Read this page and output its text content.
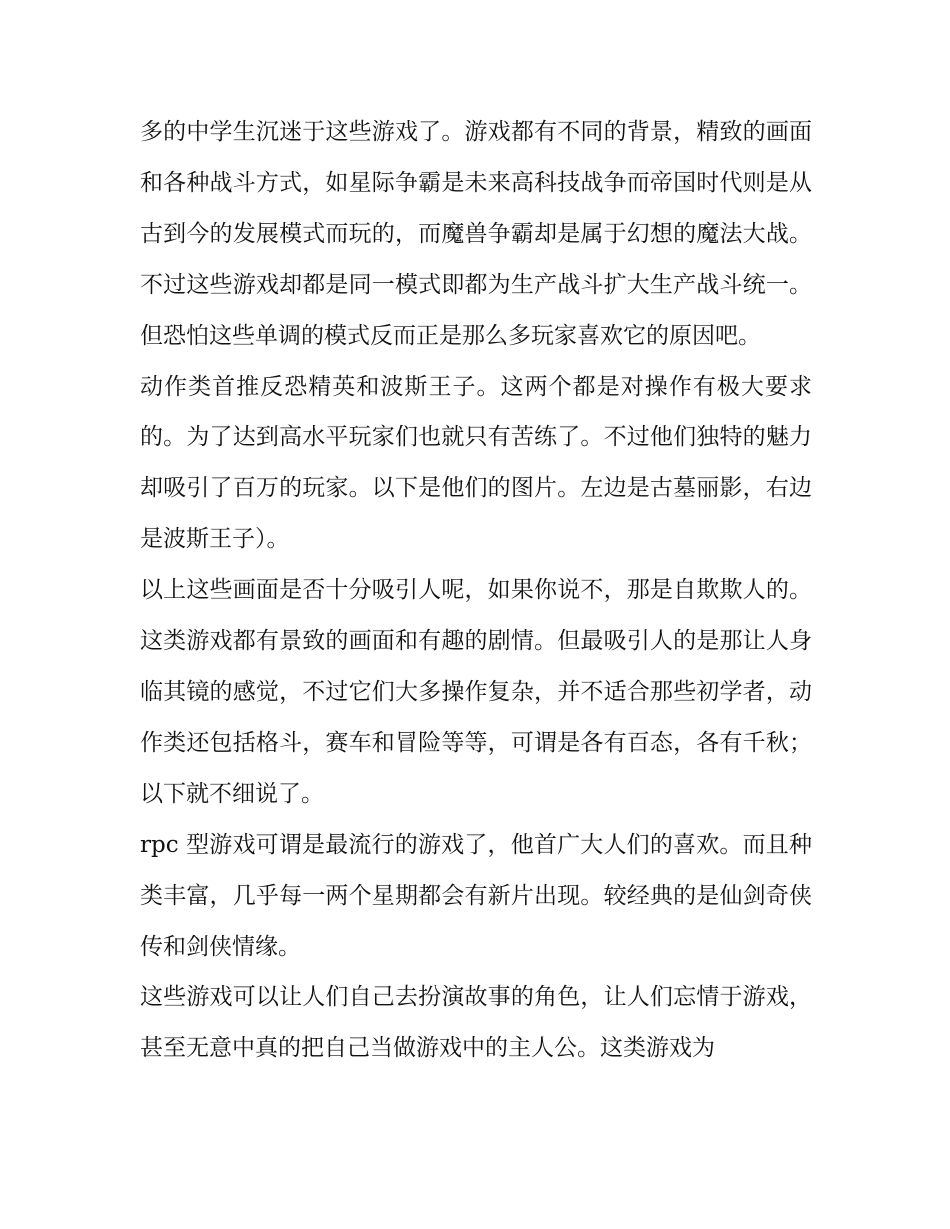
多的中学生沉迷于这些游戏了。游戏都有不同的背景，精致的画面和各种战斗方式，如星际争霸是未来高科技战争而帝国时代则是从古到今的发展模式而玩的，而魔兽争霸却是属于幻想的魔法大战。不过这些游戏却都是同一模式即都为生产战斗扩大生产战斗统一。但恐怕这些单调的模式反而正是那么多玩家喜欢它的原因吧。

动作类首推反恐精英和波斯王子。这两个都是对操作有极大要求的。为了达到高水平玩家们也就只有苦练了。不过他们独特的魅力却吸引了百万的玩家。以下是他们的图片。左边是古墓丽影，右边是波斯王子）。

以上这些画面是否十分吸引人呢，如果你说不，那是自欺欺人的。这类游戏都有景致的画面和有趣的剧情。但最吸引人的是那让人身临其镜的感觉，不过它们大多操作复杂，并不适合那些初学者，动作类还包括格斗，赛车和冒险等等，可谓是各有百态，各有千秋；以下就不细说了。

rpc 型游戏可谓是最流行的游戏了，他首广大人们的喜欢。而且种类丰富，几乎每一两个星期都会有新片出现。较经典的是仙剑奇侠传和剑侠情缘。

这些游戏可以让人们自己去扮演故事的角色，让人们忘情于游戏，甚至无意中真的把自己当做游戏中的主人公。这类游戏为
